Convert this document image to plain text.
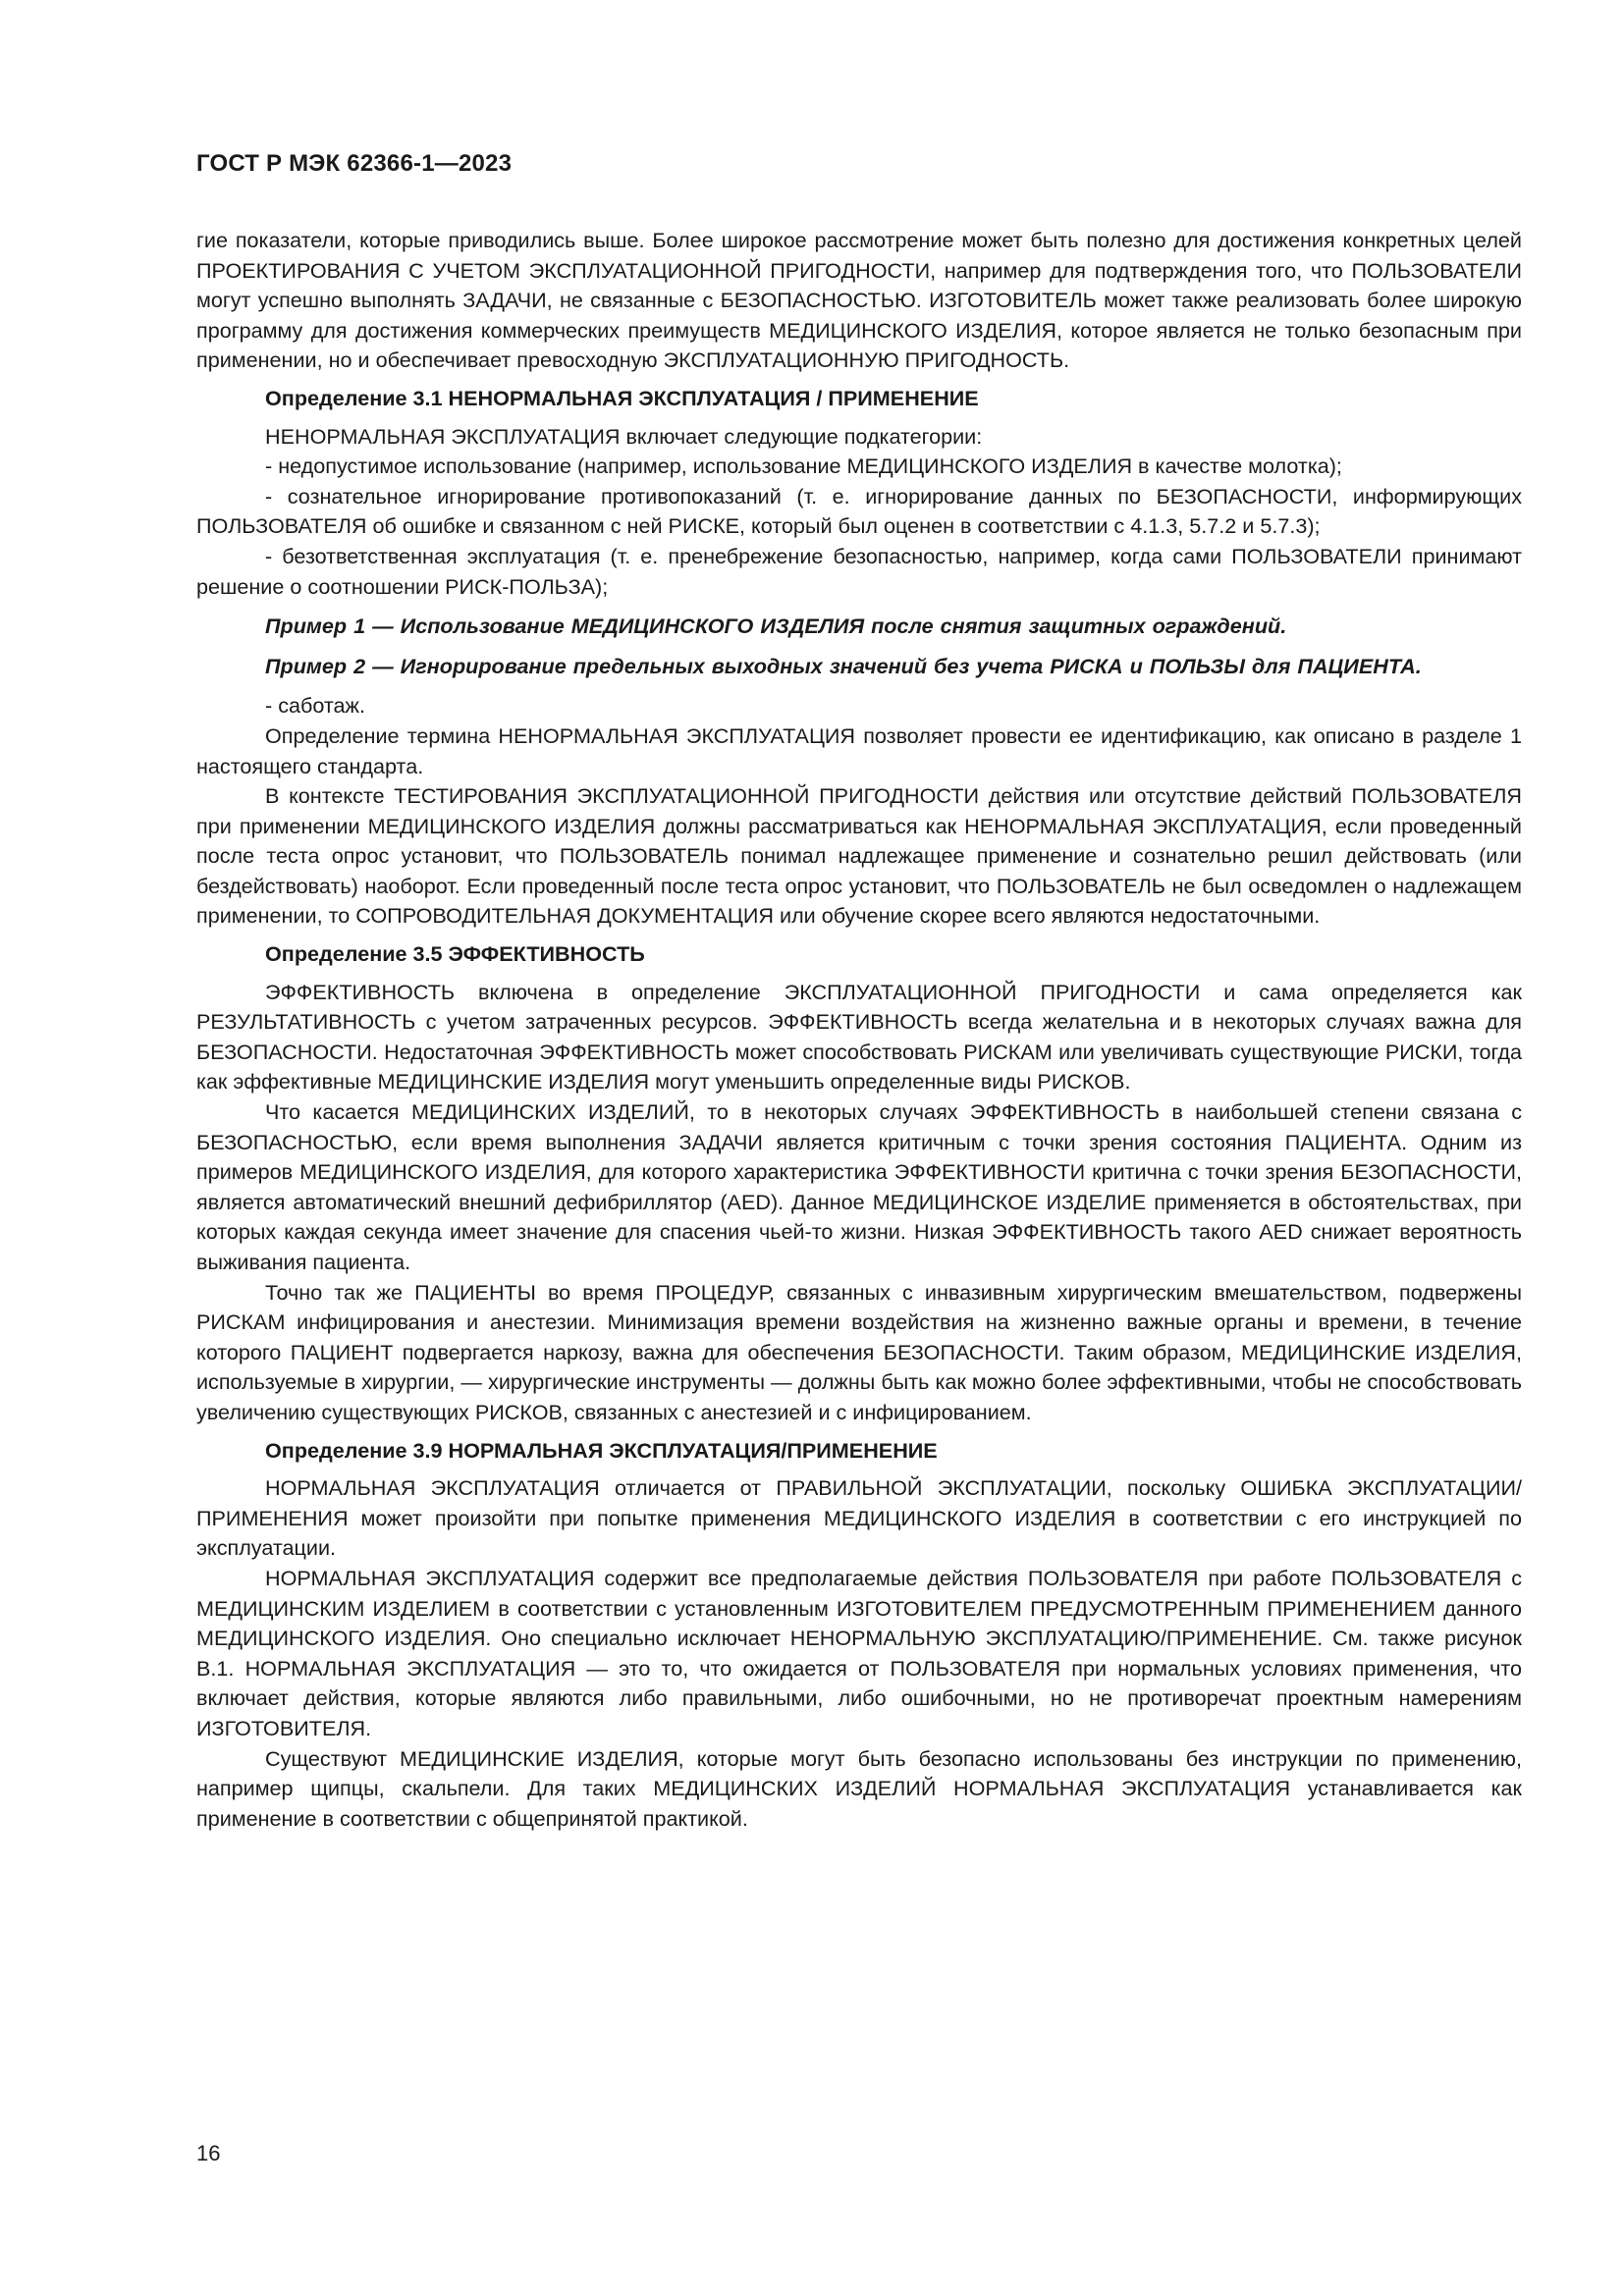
ГОСТ Р МЭК 62366-1—2023

гие показатели, которые приводились выше. Более широкое рассмотрение может быть полезно для достижения конкретных целей ПРОЕКТИРОВАНИЯ С УЧЕТОМ ЭКСПЛУАТАЦИОННОЙ ПРИГОДНОСТИ, например для подтверждения того, что ПОЛЬЗОВАТЕЛИ могут успешно выполнять ЗАДАЧИ, не связанные с БЕЗОПАСНОСТЬЮ. ИЗГОТОВИТЕЛЬ может также реализовать более широкую программу для достижения коммерческих преимуществ МЕДИЦИНСКОГО ИЗДЕЛИЯ, которое является не только безопасным при применении, но и обеспечивает превосходную ЭКСПЛУАТАЦИОННУЮ ПРИГОДНОСТЬ.

Определение 3.1 НЕНОРМАЛЬНАЯ ЭКСПЛУАТАЦИЯ / ПРИМЕНЕНИЕ

НЕНОРМАЛЬНАЯ ЭКСПЛУАТАЦИЯ включает следующие подкатегории:

- недопустимое использование (например, использование МЕДИЦИНСКОГО ИЗДЕЛИЯ в качестве молотка);

- сознательное игнорирование противопоказаний (т. е. игнорирование данных по БЕЗОПАСНОСТИ, информирующих ПОЛЬЗОВАТЕЛЯ об ошибке и связанном с ней РИСКЕ, который был оценен в соответствии с 4.1.3, 5.7.2 и 5.7.3);

- безответственная эксплуатация (т. е. пренебрежение безопасностью, например, когда сами ПОЛЬЗОВАТЕЛИ принимают решение о соотношении РИСК-ПОЛЬЗА);

Пример 1 — Использование МЕДИЦИНСКОГО ИЗДЕЛИЯ после снятия защитных ограждений.

Пример 2 — Игнорирование предельных выходных значений без учета РИСКА и ПОЛЬЗЫ для ПАЦИЕНТА.

- саботаж.

Определение термина НЕНОРМАЛЬНАЯ ЭКСПЛУАТАЦИЯ позволяет провести ее идентификацию, как описано в разделе 1 настоящего стандарта.

В контексте ТЕСТИРОВАНИЯ ЭКСПЛУАТАЦИОННОЙ ПРИГОДНОСТИ действия или отсутствие действий ПОЛЬЗОВАТЕЛЯ при применении МЕДИЦИНСКОГО ИЗДЕЛИЯ должны рассматриваться как НЕНОРМАЛЬНАЯ ЭКСПЛУАТАЦИЯ, если проведенный после теста опрос установит, что ПОЛЬЗОВАТЕЛЬ понимал надлежащее применение и сознательно решил действовать (или бездействовать) наоборот. Если проведенный после теста опрос установит, что ПОЛЬЗОВАТЕЛЬ не был осведомлен о надлежащем применении, то СОПРОВОДИТЕЛЬНАЯ ДОКУМЕНТАЦИЯ или обучение скорее всего являются недостаточными.

Определение 3.5 ЭФФЕКТИВНОСТЬ

ЭФФЕКТИВНОСТЬ включена в определение ЭКСПЛУАТАЦИОННОЙ ПРИГОДНОСТИ и сама определяется как РЕЗУЛЬТАТИВНОСТЬ с учетом затраченных ресурсов. ЭФФЕКТИВНОСТЬ всегда желательна и в некоторых случаях важна для БЕЗОПАСНОСТИ. Недостаточная ЭФФЕКТИВНОСТЬ может способствовать РИСКАМ или увеличивать существующие РИСКИ, тогда как эффективные МЕДИЦИНСКИЕ ИЗДЕЛИЯ могут уменьшить определенные виды РИСКОВ.

Что касается МЕДИЦИНСКИХ ИЗДЕЛИЙ, то в некоторых случаях ЭФФЕКТИВНОСТЬ в наибольшей степени связана с БЕЗОПАСНОСТЬЮ, если время выполнения ЗАДАЧИ является критичным с точки зрения состояния ПАЦИЕНТА. Одним из примеров МЕДИЦИНСКОГО ИЗДЕЛИЯ, для которого характеристика ЭФФЕКТИВНОСТИ критична с точки зрения БЕЗОПАСНОСТИ, является автоматический внешний дефибриллятор (AED). Данное МЕДИЦИНСКОЕ ИЗДЕЛИЕ применяется в обстоятельствах, при которых каждая секунда имеет значение для спасения чьей-то жизни. Низкая ЭФФЕКТИВНОСТЬ такого AED снижает вероятность выживания пациента.

Точно так же ПАЦИЕНТЫ во время ПРОЦЕДУР, связанных с инвазивным хирургическим вмешательством, подвержены РИСКАМ инфицирования и анестезии. Минимизация времени воздействия на жизненно важные органы и времени, в течение которого ПАЦИЕНТ подвергается наркозу, важна для обеспечения БЕЗОПАСНОСТИ. Таким образом, МЕДИЦИНСКИЕ ИЗДЕЛИЯ, используемые в хирургии, — хирургические инструменты — должны быть как можно более эффективными, чтобы не способствовать увеличению существующих РИСКОВ, связанных с анестезией и с инфицированием.

Определение 3.9 НОРМАЛЬНАЯ ЭКСПЛУАТАЦИЯ/ПРИМЕНЕНИЕ

НОРМАЛЬНАЯ ЭКСПЛУАТАЦИЯ отличается от ПРАВИЛЬНОЙ ЭКСПЛУАТАЦИИ, поскольку ОШИБКА ЭКСПЛУАТАЦИИ/ПРИМЕНЕНИЯ может произойти при попытке применения МЕДИЦИНСКОГО ИЗДЕЛИЯ в соответствии с его инструкцией по эксплуатации.

НОРМАЛЬНАЯ ЭКСПЛУАТАЦИЯ содержит все предполагаемые действия ПОЛЬЗОВАТЕЛЯ при работе ПОЛЬЗОВАТЕЛЯ с МЕДИЦИНСКИМ ИЗДЕЛИЕМ в соответствии с установленным ИЗГОТОВИТЕЛЕМ ПРЕДУСМОТРЕННЫМ ПРИМЕНЕНИЕМ данного МЕДИЦИНСКОГО ИЗДЕЛИЯ. Оно специально исключает НЕНОРМАЛЬНУЮ ЭКСПЛУАТАЦИЮ/ПРИМЕНЕНИЕ. См. также рисунок B.1. НОРМАЛЬНАЯ ЭКСПЛУАТАЦИЯ — это то, что ожидается от ПОЛЬЗОВАТЕЛЯ при нормальных условиях применения, что включает действия, которые являются либо правильными, либо ошибочными, но не противоречат проектным намерениям ИЗГОТОВИТЕЛЯ.

Существуют МЕДИЦИНСКИЕ ИЗДЕЛИЯ, которые могут быть безопасно использованы без инструкции по применению, например щипцы, скальпели. Для таких МЕДИЦИНСКИХ ИЗДЕЛИЙ НОРМАЛЬНАЯ ЭКСПЛУАТАЦИЯ устанавливается как применение в соответствии с общепринятой практикой.

16
